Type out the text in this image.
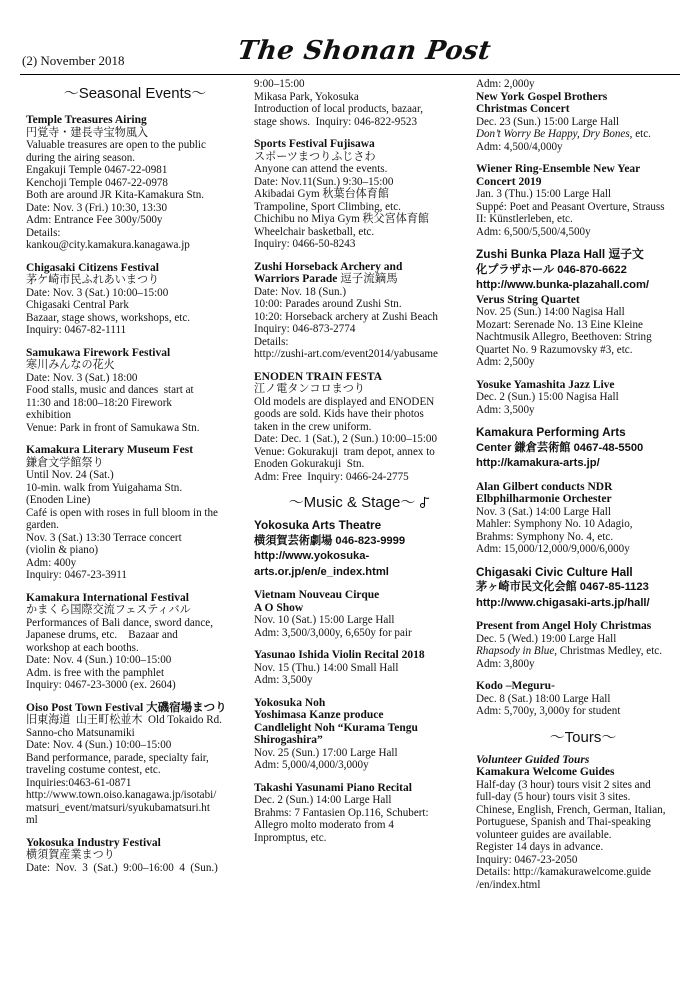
(2) November 2018	The Shonan Post
〜Seasonal Events〜
Temple Treasures Airing
円覚寺・建長寺宝物風入
Valuable treasures are open to the public
during the airing season.
Engakuji Temple 0467-22-0981
Kenchoji Temple 0467-22-0978
Both are around JR Kita-Kamakura Stn.
Date: Nov. 3 (Fri.) 10:30, 13:30
Adm: Entrance Fee 300y/500y
Details:
kankou@city.kamakura.kanagawa.jp
Chigasaki Citizens Festival
茅ケ崎市民ふれあいまつり
Date: Nov. 3 (Sat.) 10:00–15:00
Chigasaki Central Park
Bazaar, stage shows, workshops, etc.
Inquiry: 0467-82-1111
Samukawa Firework Festival
寒川みんなの花火
Date: Nov. 3 (Sat.) 18:00
Food stalls, music and dances  start at
11:30 and 18:00–18:20 Firework
exhibition
Venue: Park in front of Samukawa Stn.
Kamakura Literary Museum Fest
鎌倉文学館祭り
Until Nov. 24 (Sat.)
10-min. walk from Yuigahama Stn.
(Enoden Line)
Café is open with roses in full bloom in the
garden.
Nov. 3 (Sat.) 13:30 Terrace concert
(violin & piano)
Adm: 400y
Inquiry: 0467-23-3911
Kamakura International Festival
かまくら国際交流フェスティバル
Performances of Bali dance, sword dance,
Japanese drums, etc.    Bazaar and
workshop at each booths.
Date: Nov. 4 (Sun.) 10:00–15:00
Adm. is free with the pamphlet
Inquiry: 0467-23-3000 (ex. 2604)
Oiso Post Town Festival 大磯宿場まつり
旧東海道  山王町松並木  Old Tokaido Rd.
Sanno-cho Matsunamiki
Date: Nov. 4 (Sun.) 10:00–15:00
Band performance, parade, specialty fair,
traveling costume contest, etc.
Inquiries:0463-61-0871
http://www.town.oiso.kanagawa.jp/isotabi/
matsuri_event/matsuri/syukubamatsuri.ht
ml
Yokosuka Industry Festival
横須賀産業まつり
Date:  Nov.  3  (Sat.)  9:00–16:00  4  (Sun.)
9:00–15:00
Mikasa Park, Yokosuka
Introduction of local products, bazaar,
stage shows.  Inquiry: 046-822-9523
Sports Festival Fujisawa
スポーツまつりふじさわ
Anyone can attend the events.
Date: Nov.11(Sun.) 9:30–15:00
Akibadai Gym 秋葉台体育館
Trampoline, Sport Climbing, etc.
Chichibu no Miya Gym 秩父宮体育館
Wheelchair basketball, etc.
Inquiry: 0466-50-8243
Zushi Horseback Archery and
Warriors Parade 逗子流鏑馬
Date: Nov. 18 (Sun.)
10:00: Parades around Zushi Stn.
10:20: Horseback archery at Zushi Beach
Inquiry: 046-873-2774
Details:
http://zushi-art.com/event2014/yabusame
ENODEN TRAIN FESTA
江ノ電タンコロまつり
Old models are displayed and ENODEN
goods are sold. Kids have their photos
taken in the crew uniform.
Date: Dec. 1 (Sat.), 2 (Sun.) 10:00–15:00
Venue: Gokurakuji  tram depot, annex to
Enoden Gokurakuji  Stn.
Adm: Free  Inquiry: 0466-24-2775
〜Music & Stage〜
Yokosuka Arts Theatre
横須賀芸術劇場 046-823-9999
http://www.yokosuka-
arts.or.jp/en/e_index.html
Vietnam Nouveau Cirque
A O Show
Nov. 10 (Sat.) 15:00 Large Hall
Adm: 3,500/3,000y, 6,650y for pair
Yasunao Ishida Violin Recital 2018
Nov. 15 (Thu.) 14:00 Small Hall
Adm: 3,500y
Yokosuka Noh
Yoshimasa Kanze produce
Candlelight Noh “Kurama Tengu
Shirogashira”
Nov. 25 (Sun.) 17:00 Large Hall
Adm: 5,000/4,000/3,000y
Takashi Yasunami Piano Recital
Dec. 2 (Sun.) 14:00 Large Hall
Brahms: 7 Fantasien Op.116, Schubert:
Allegro molto moderato from 4
Inpromptus, etc.
Adm: 2,000y
New York Gospel Brothers
Christmas Concert
Dec. 23 (Sun.) 15:00 Large Hall
Don’t Worry Be Happy, Dry Bones, etc.
Adm: 4,500/4,000y
Wiener Ring-Ensemble New Year
Concert 2019
Jan. 3 (Thu.) 15:00 Large Hall
Suppé: Poet and Peasant Overture, Strauss
II: Künstlerleben, etc.
Adm: 6,500/5,500/4,500y
Zushi Bunka Plaza Hall 逗子文
化プラザホール 046-870-6622
http://www.bunka-plazahall.com/
Verus String Quartet
Nov. 25 (Sun.) 14:00 Nagisa Hall
Mozart: Serenade No. 13 Eine Kleine
Nachtmusik Allegro, Beethoven: String
Quartet No. 9 Razumovsky #3, etc.
Adm: 2,500y
Yosuke Yamashita Jazz Live
Dec. 2 (Sun.) 15:00 Nagisa Hall
Adm: 3,500y
Kamakura Performing Arts
Center 鎌倉芸術館 0467-48-5500
http://kamakura-arts.jp/
Alan Gilbert conducts NDR
Elbphilharmonie Orchester
Nov. 3 (Sat.) 14:00 Large Hall
Mahler: Symphony No. 10 Adagio,
Brahms: Symphony No. 4, etc.
Adm: 15,000/12,000/9,000/6,000y
Chigasaki Civic Culture Hall
茅ヶ崎市民文化会館 0467-85-1123
http://www.chigasaki-arts.jp/hall/
Present from Angel Holy Christmas
Dec. 5 (Wed.) 19:00 Large Hall
Rhapsody in Blue, Christmas Medley, etc.
Adm: 3,800y
Kodo –Meguru-
Dec. 8 (Sat.) 18:00 Large Hall
Adm: 5,700y, 3,000y for student
〜Tours〜
Volunteer Guided Tours
Kamakura Welcome Guides
Half-day (3 hour) tours visit 2 sites and
full-day (5 hour) tours visit 3 sites.
Chinese, English, French, German, Italian,
Portuguese, Spanish and Thai-speaking
volunteer guides are available.
Register 14 days in advance.
Inquiry: 0467-23-2050
Details: http://kamakurawelcome.guide
/en/index.html
